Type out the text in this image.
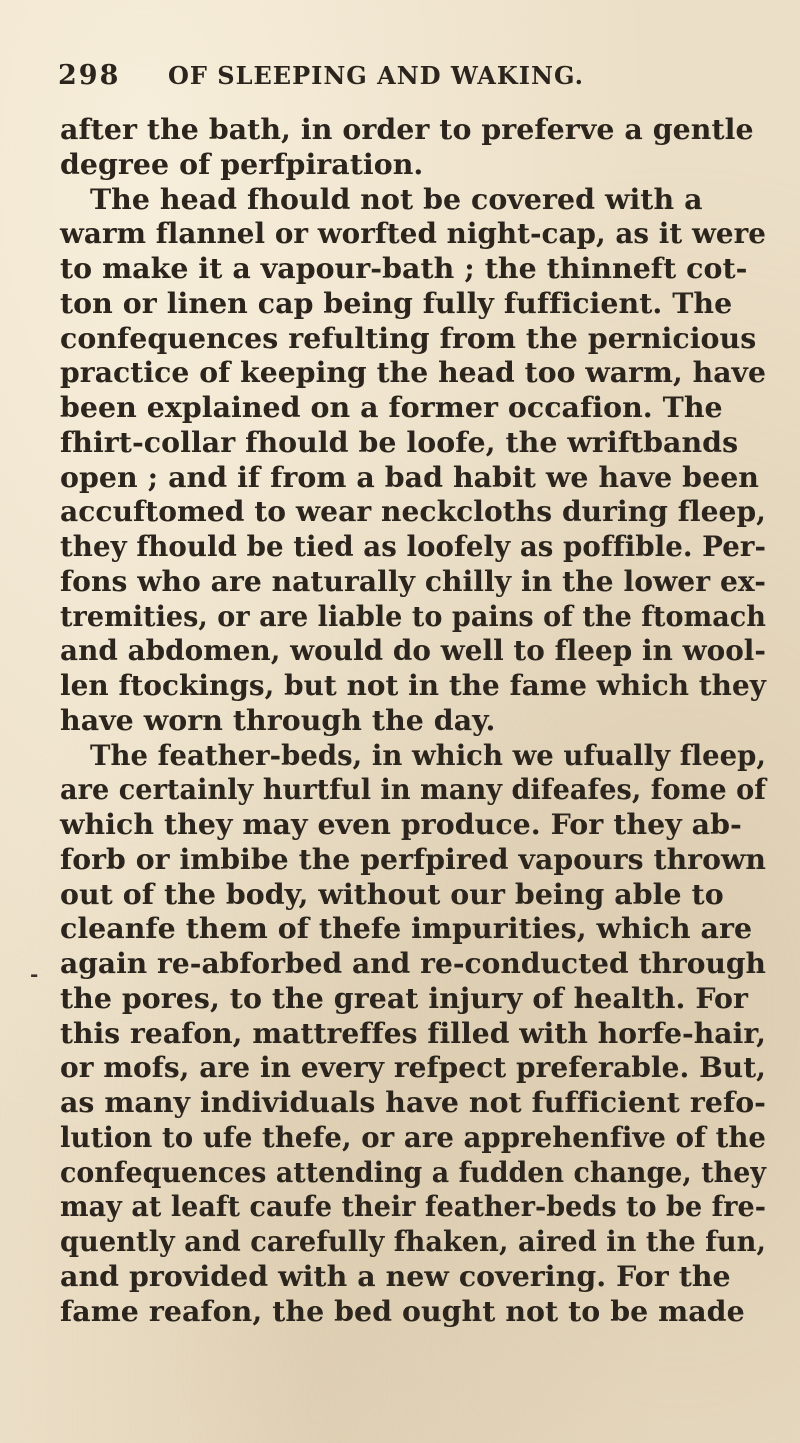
298	OF SLEEPING AND WAKING.
-
after the bath, in order to preferve a gentle
degree of perfpiration.
The head fhould not be covered with a
warm flannel or worfted night-cap, as it were
to make it a vapour-bath ; the thinneft cot-
ton or linen cap being fully fufficient. The
confequences refulting from the pernicious
practice of keeping the head too warm, have
been explained on a former occafion. The
fhirt-collar fhould be loofe, the wriftbands
open ; and if from a bad habit we have been
accuftomed to wear neckcloths during fleep,
they fhould be tied as loofely as poffible. Per-
fons who are naturally chilly in the lower ex-
tremities, or are liable to pains of the ftomach
and abdomen, would do well to fleep in wool-
len ftockings, but not in the fame which they
have worn through the day.
The feather-beds, in which we ufually fleep,
are certainly hurtful in many difeafes, fome of
which they may even produce. For they ab-
forb or imbibe the perfpired vapours thrown
out of the body, without our being able to
cleanfe them of thefe impurities, which are
again re-abforbed and re-conducted through
the pores, to the great injury of health. For
this reafon, mattreffes filled with horfe-hair,
or mofs, are in every refpect preferable. But,
as many individuals have not fufficient refo-
lution to ufe thefe, or are apprehenfive of the
confequences attending a fudden change, they
may at leaft caufe their feather-beds to be fre-
quently and carefully fhaken, aired in the fun,
and provided with a new covering. For the
fame reafon, the bed ought not to be made
